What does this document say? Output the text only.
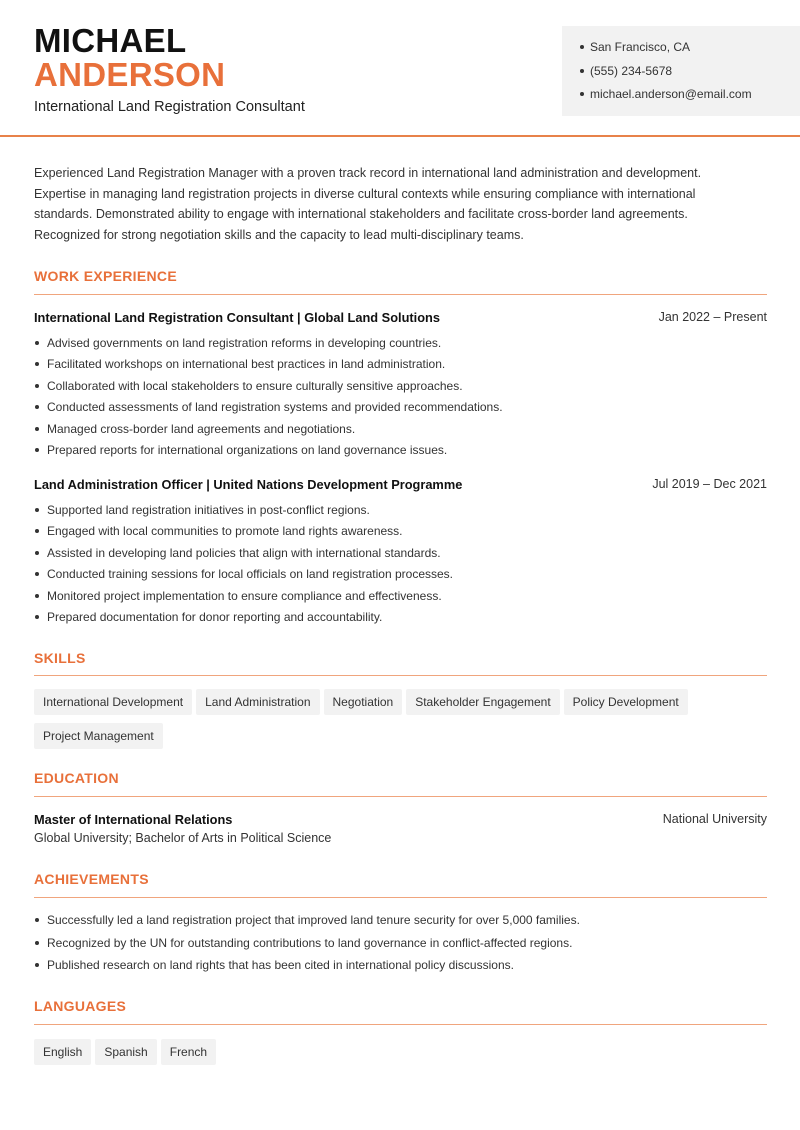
MICHAEL
ANDERSON
International Land Registration Consultant
San Francisco, CA
(555) 234-5678
michael.anderson@email.com
Experienced Land Registration Manager with a proven track record in international land administration and development. Expertise in managing land registration projects in diverse cultural contexts while ensuring compliance with international standards. Demonstrated ability to engage with international stakeholders and facilitate cross-border land agreements. Recognized for strong negotiation skills and the capacity to lead multi-disciplinary teams.
WORK EXPERIENCE
International Land Registration Consultant | Global Land Solutions	Jan 2022 – Present
Advised governments on land registration reforms in developing countries.
Facilitated workshops on international best practices in land administration.
Collaborated with local stakeholders to ensure culturally sensitive approaches.
Conducted assessments of land registration systems and provided recommendations.
Managed cross-border land agreements and negotiations.
Prepared reports for international organizations on land governance issues.
Land Administration Officer | United Nations Development Programme	Jul 2019 – Dec 2021
Supported land registration initiatives in post-conflict regions.
Engaged with local communities to promote land rights awareness.
Assisted in developing land policies that align with international standards.
Conducted training sessions for local officials on land registration processes.
Monitored project implementation to ensure compliance and effectiveness.
Prepared documentation for donor reporting and accountability.
SKILLS
International Development Land Administration Negotiation Stakeholder Engagement Policy DevelopmentProject Management
EDUCATION
Master of International Relations	National University
Global University; Bachelor of Arts in Political Science
ACHIEVEMENTS
Successfully led a land registration project that improved land tenure security for over 5,000 families.
Recognized by the UN for outstanding contributions to land governance in conflict-affected regions.
Published research on land rights that has been cited in international policy discussions.
LANGUAGES
English Spanish French
